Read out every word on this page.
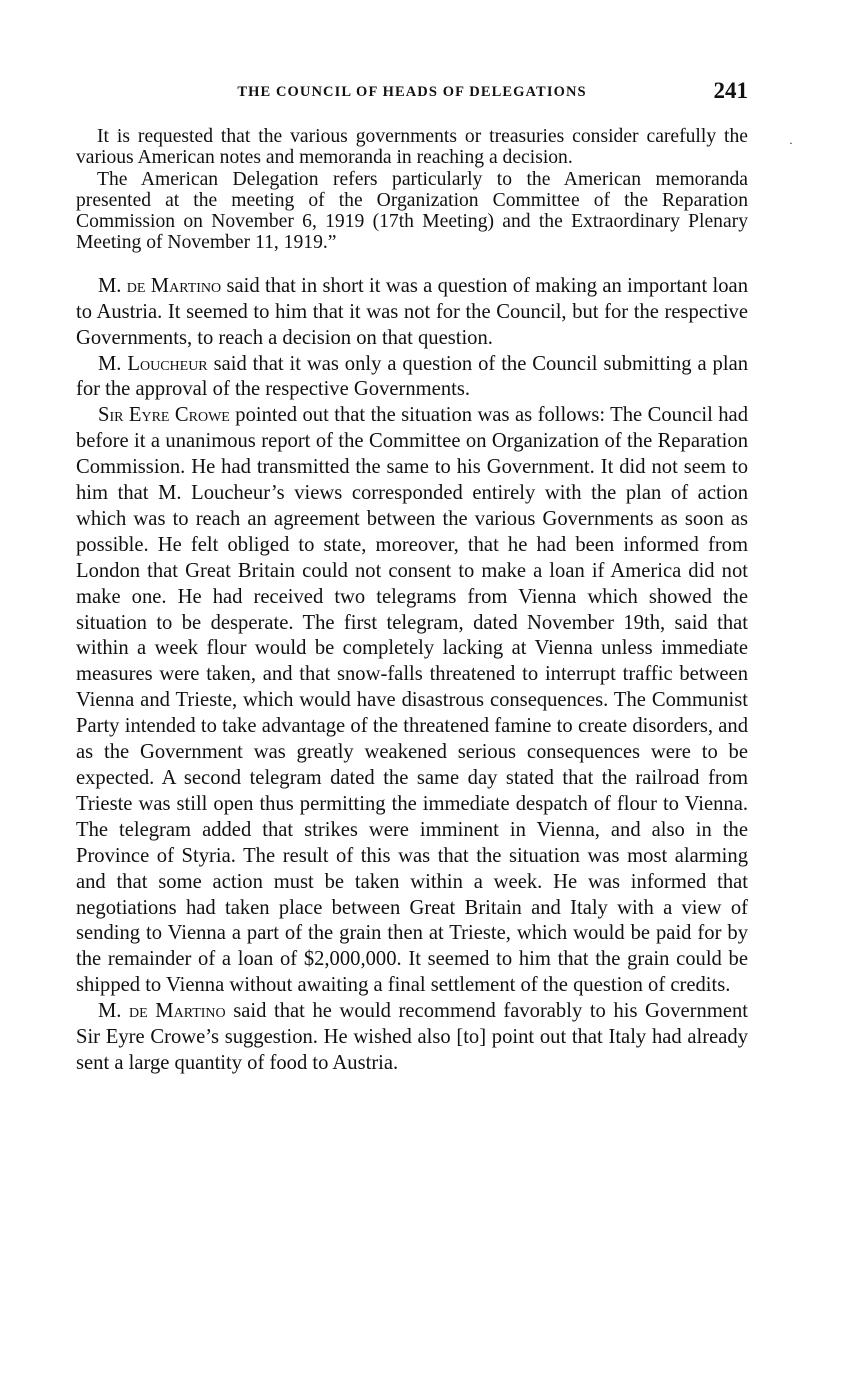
THE COUNCIL OF HEADS OF DELEGATIONS	241

It is requested that the various governments or treasuries consider carefully the various American notes and memoranda in reaching a decision.

The American Delegation refers particularly to the American memoranda presented at the meeting of the Organization Committee of the Reparation Commission on November 6, 1919 (17th Meeting) and the Extraordinary Plenary Meeting of November 11, 1919.”

M. de Martino said that in short it was a question of making an important loan to Austria. It seemed to him that it was not for the Council, but for the respective Governments, to reach a decision on that question.

M. Loucheur said that it was only a question of the Council submitting a plan for the approval of the respective Governments.

Sir Eyre Crowe pointed out that the situation was as follows: The Council had before it a unanimous report of the Committee on Organization of the Reparation Commission. He had transmitted the same to his Government. It did not seem to him that M. Loucheur’s views corresponded entirely with the plan of action which was to reach an agreement between the various Governments as soon as possible. He felt obliged to state, moreover, that he had been informed from London that Great Britain could not consent to make a loan if America did not make one. He had received two telegrams from Vienna which showed the situation to be desperate. The first telegram, dated November 19th, said that within a week flour would be completely lacking at Vienna unless immediate measures were taken, and that snow-falls threatened to interrupt traffic between Vienna and Trieste, which would have disastrous consequences. The Communist Party intended to take advantage of the threatened famine to create disorders, and as the Government was greatly weakened serious consequences were to be expected. A second telegram dated the same day stated that the railroad from Trieste was still open thus permitting the immediate despatch of flour to Vienna. The telegram added that strikes were imminent in Vienna, and also in the Province of Styria. The result of this was that the situation was most alarming and that some action must be taken within a week. He was informed that negotiations had taken place between Great Britain and Italy with a view of sending to Vienna a part of the grain then at Trieste, which would be paid for by the remainder of a loan of $2,000,000. It seemed to him that the grain could be shipped to Vienna without awaiting a final settlement of the question of credits.

M. de Martino said that he would recommend favorably to his Government Sir Eyre Crowe’s suggestion. He wished also [to] point out that Italy had already sent a large quantity of food to Austria.

·
